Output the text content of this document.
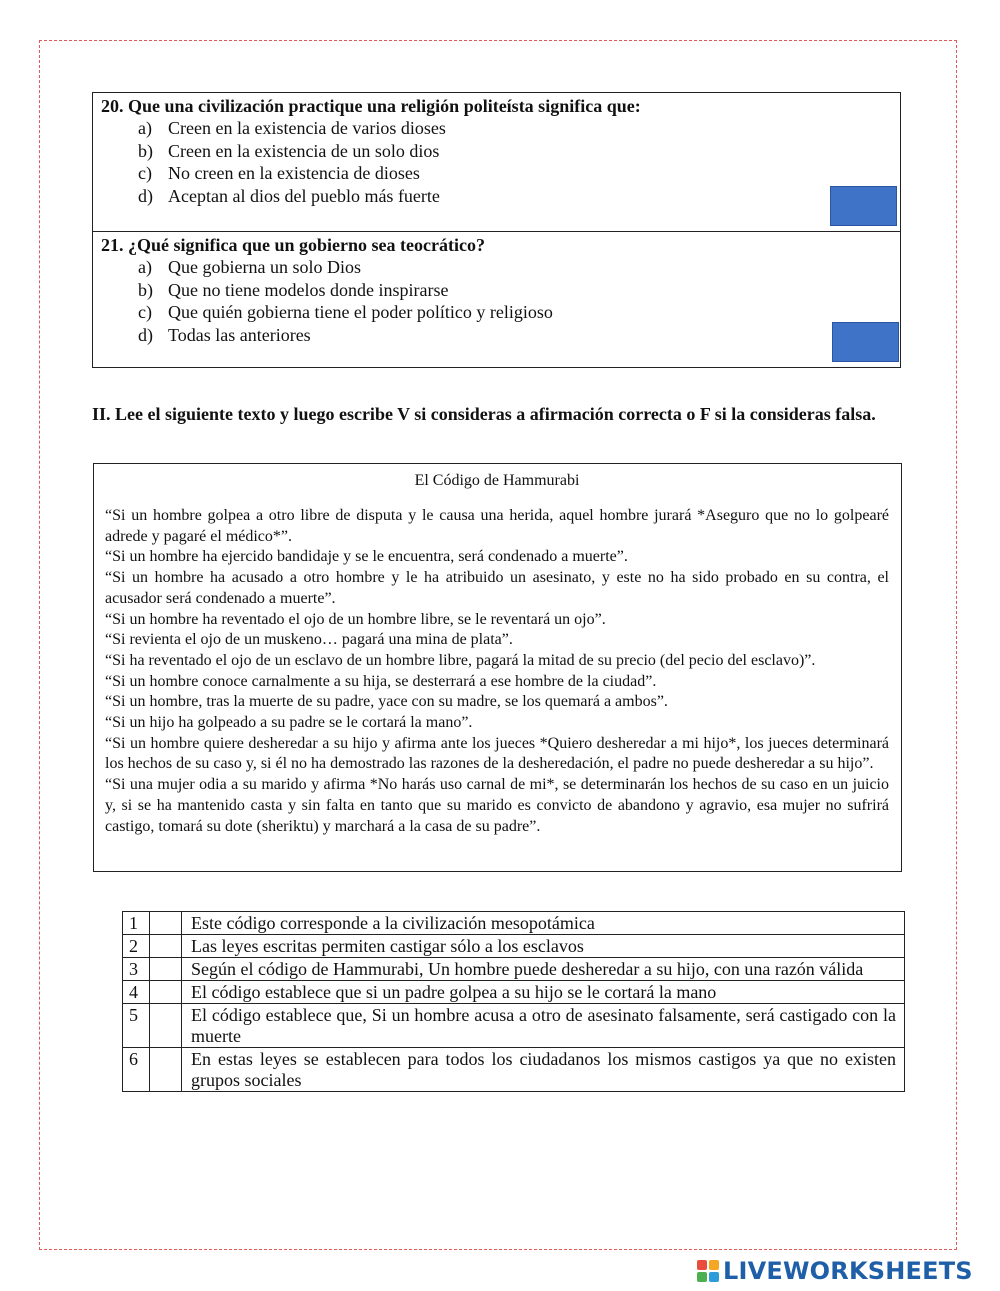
20. Que una civilización practique una religión politeísta significa que:
a) Creen en la existencia de varios dioses
b) Creen en la existencia de un solo dios
c) No creen en la existencia de dioses
d) Aceptan al dios del pueblo más fuerte
21. ¿Qué significa que un gobierno sea teocrático?
a) Que gobierna un solo Dios
b) Que no tiene modelos donde inspirarse
c) Que quién gobierna tiene el poder político y religioso
d) Todas las anteriores
II. Lee el siguiente texto y luego escribe V si consideras a afirmación correcta o F si la consideras falsa.
El Código de Hammurabi

“Si un hombre golpea a otro libre de disputa y le causa una herida, aquel hombre jurará *Aseguro que no lo golpearé adrede y pagaré el médico*”.

“Si un hombre ha ejercido bandidaje y se le encuentra, será condenado a muerte”.

“Si un hombre ha acusado a otro hombre y le ha atribuido un asesinato, y este no ha sido probado en su contra, el acusador será condenado a muerte”.

“Si un hombre ha reventado el ojo de un hombre libre, se le reventará un ojo”.

“Si revienta el ojo de un muskeno… pagará una mina de plata”.

“Si ha reventado el ojo de un esclavo de un hombre libre, pagará la mitad de su precio (del pecio del esclavo)”.

“Si un hombre conoce carnalmente a su hija, se desterrará a ese hombre de la ciudad”.

“Si un hombre, tras la muerte de su padre, yace con su madre, se los quemará a ambos”.

“Si un hijo ha golpeado a su padre se le cortará la mano”.

“Si un hombre quiere desheredar a su hijo y afirma ante los jueces *Quiero desheredar a mi hijo*, los jueces determinará los hechos de su caso y, si él no ha demostrado las razones de la desheredación, el padre no puede desheredar a su hijo”.

“Si una mujer odia a su marido y afirma *No harás uso carnal de mi*, se determinarán los hechos de su caso en un juicio y, si se ha mantenido casta y sin falta en tanto que su marido es convicto de abandono y agravio, esa mujer no sufrirá castigo, tomará su dote (sheriktu) y marchará a la casa de su padre”.

1		Este código corresponde a la civilización mesopotámica
2		Las leyes escritas permiten castigar sólo a los esclavos
3		Según el código de Hammurabi, Un hombre puede desheredar a su hijo, con una razón válida
4		El código establece que si un padre golpea a su hijo se le cortará la mano
5		El código establece que, Si un hombre acusa a otro de asesinato falsamente, será castigado con la muerte
6		En estas leyes se establecen para todos los ciudadanos los mismos castigos ya que no existen grupos sociales
LIVEWORKSHEETS
